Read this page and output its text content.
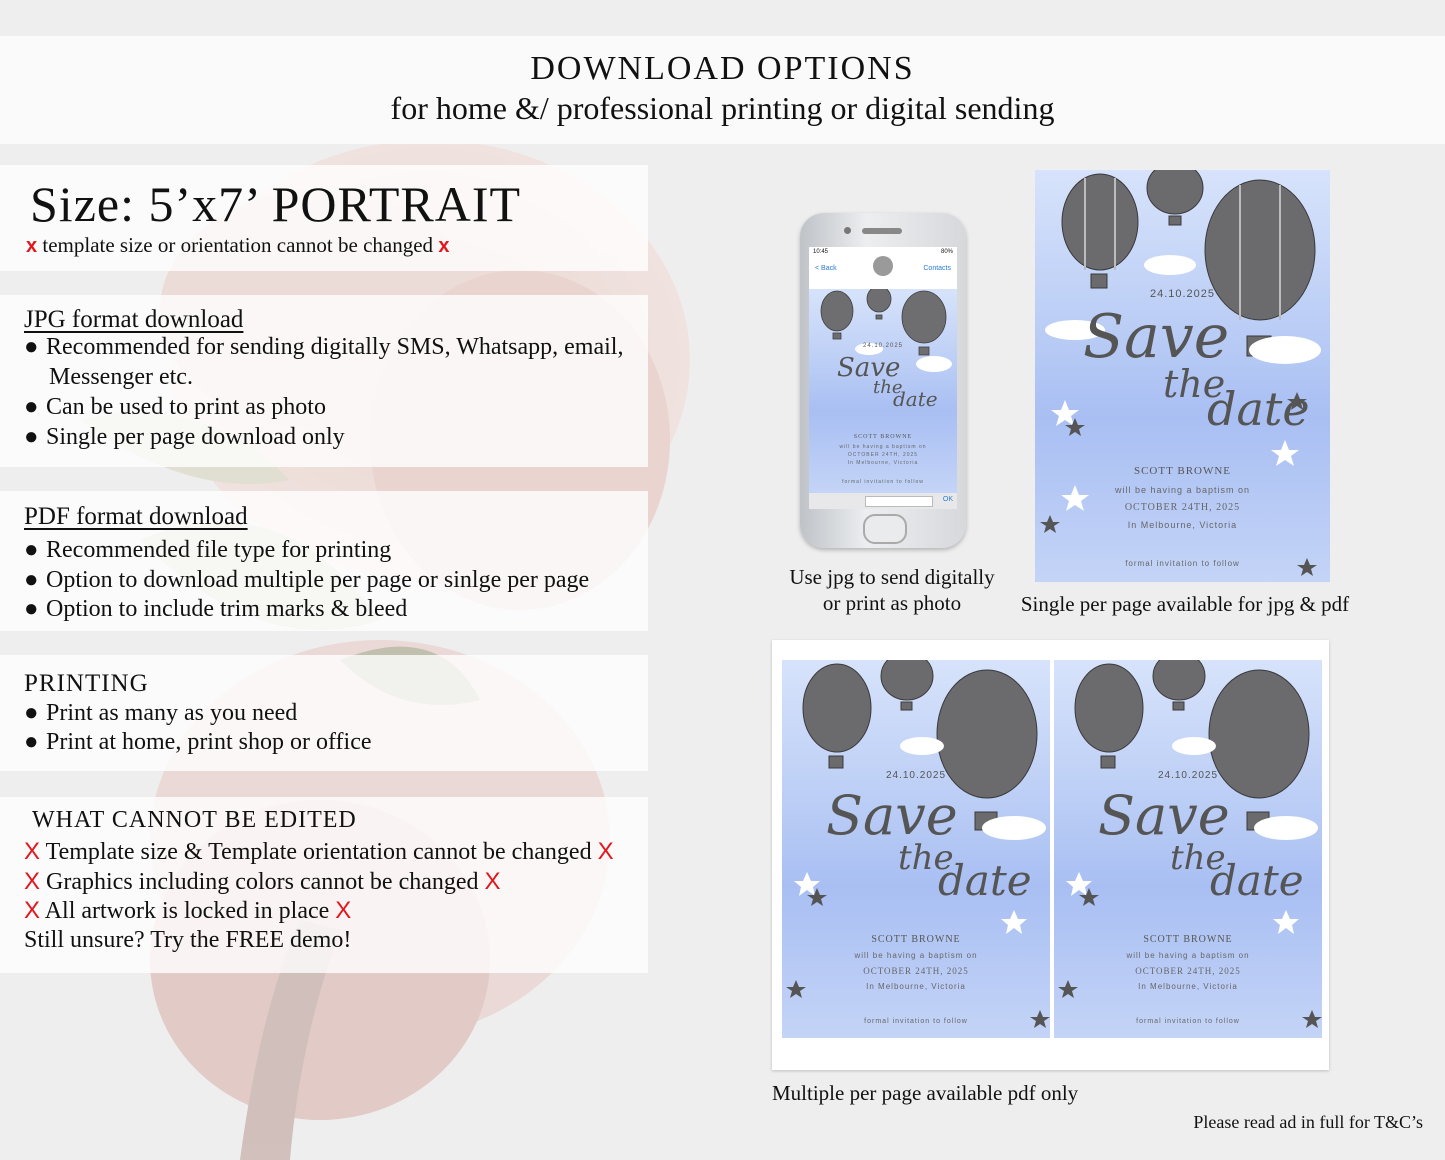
DOWNLOAD OPTIONS
for home &/ professional printing or digital sending
Size: 5’x7’ PORTRAIT
x template size or orientation cannot be changed x
JPG format download
● Recommended for sending digitally SMS, Whatsapp, email,
Messenger etc.
● Can be used to print as photo
● Single per page download only
PDF format download
● Recommended file type for printing
● Option to download multiple per page or sinlge per page
● Option to include trim marks & bleed
PRINTING
● Print as many as you need
● Print at home, print shop or office
WHAT CANNOT BE EDITED
X Template size & Template orientation cannot be changed X
X Graphics including colors cannot be changed X
X All artwork is locked in place X
Still unsure? Try the FREE demo!
10:45	80%
< Back	Contacts
24.10.2025
Save
the
date
SCOTT BROWNE
will be having a baptism on
OCTOBER 24TH, 2025
In Melbourne, Victoria
formal invitation to follow
OK
Use jpg to send digitally
or print as photo
24.10.2025
Save
the
date
SCOTT BROWNE
will be having a baptism on
OCTOBER 24TH, 2025
In Melbourne, Victoria
formal invitation to follow
Single per page available for jpg & pdf
24.10.2025
Save
the
date
SCOTT BROWNE
will be having a baptism on
OCTOBER 24TH, 2025
In Melbourne, Victoria
formal invitation to follow
24.10.2025
Save
the
date
SCOTT BROWNE
will be having a baptism on
OCTOBER 24TH, 2025
In Melbourne, Victoria
formal invitation to follow
Multiple per page available pdf only
Please read ad in full for T&C’s
